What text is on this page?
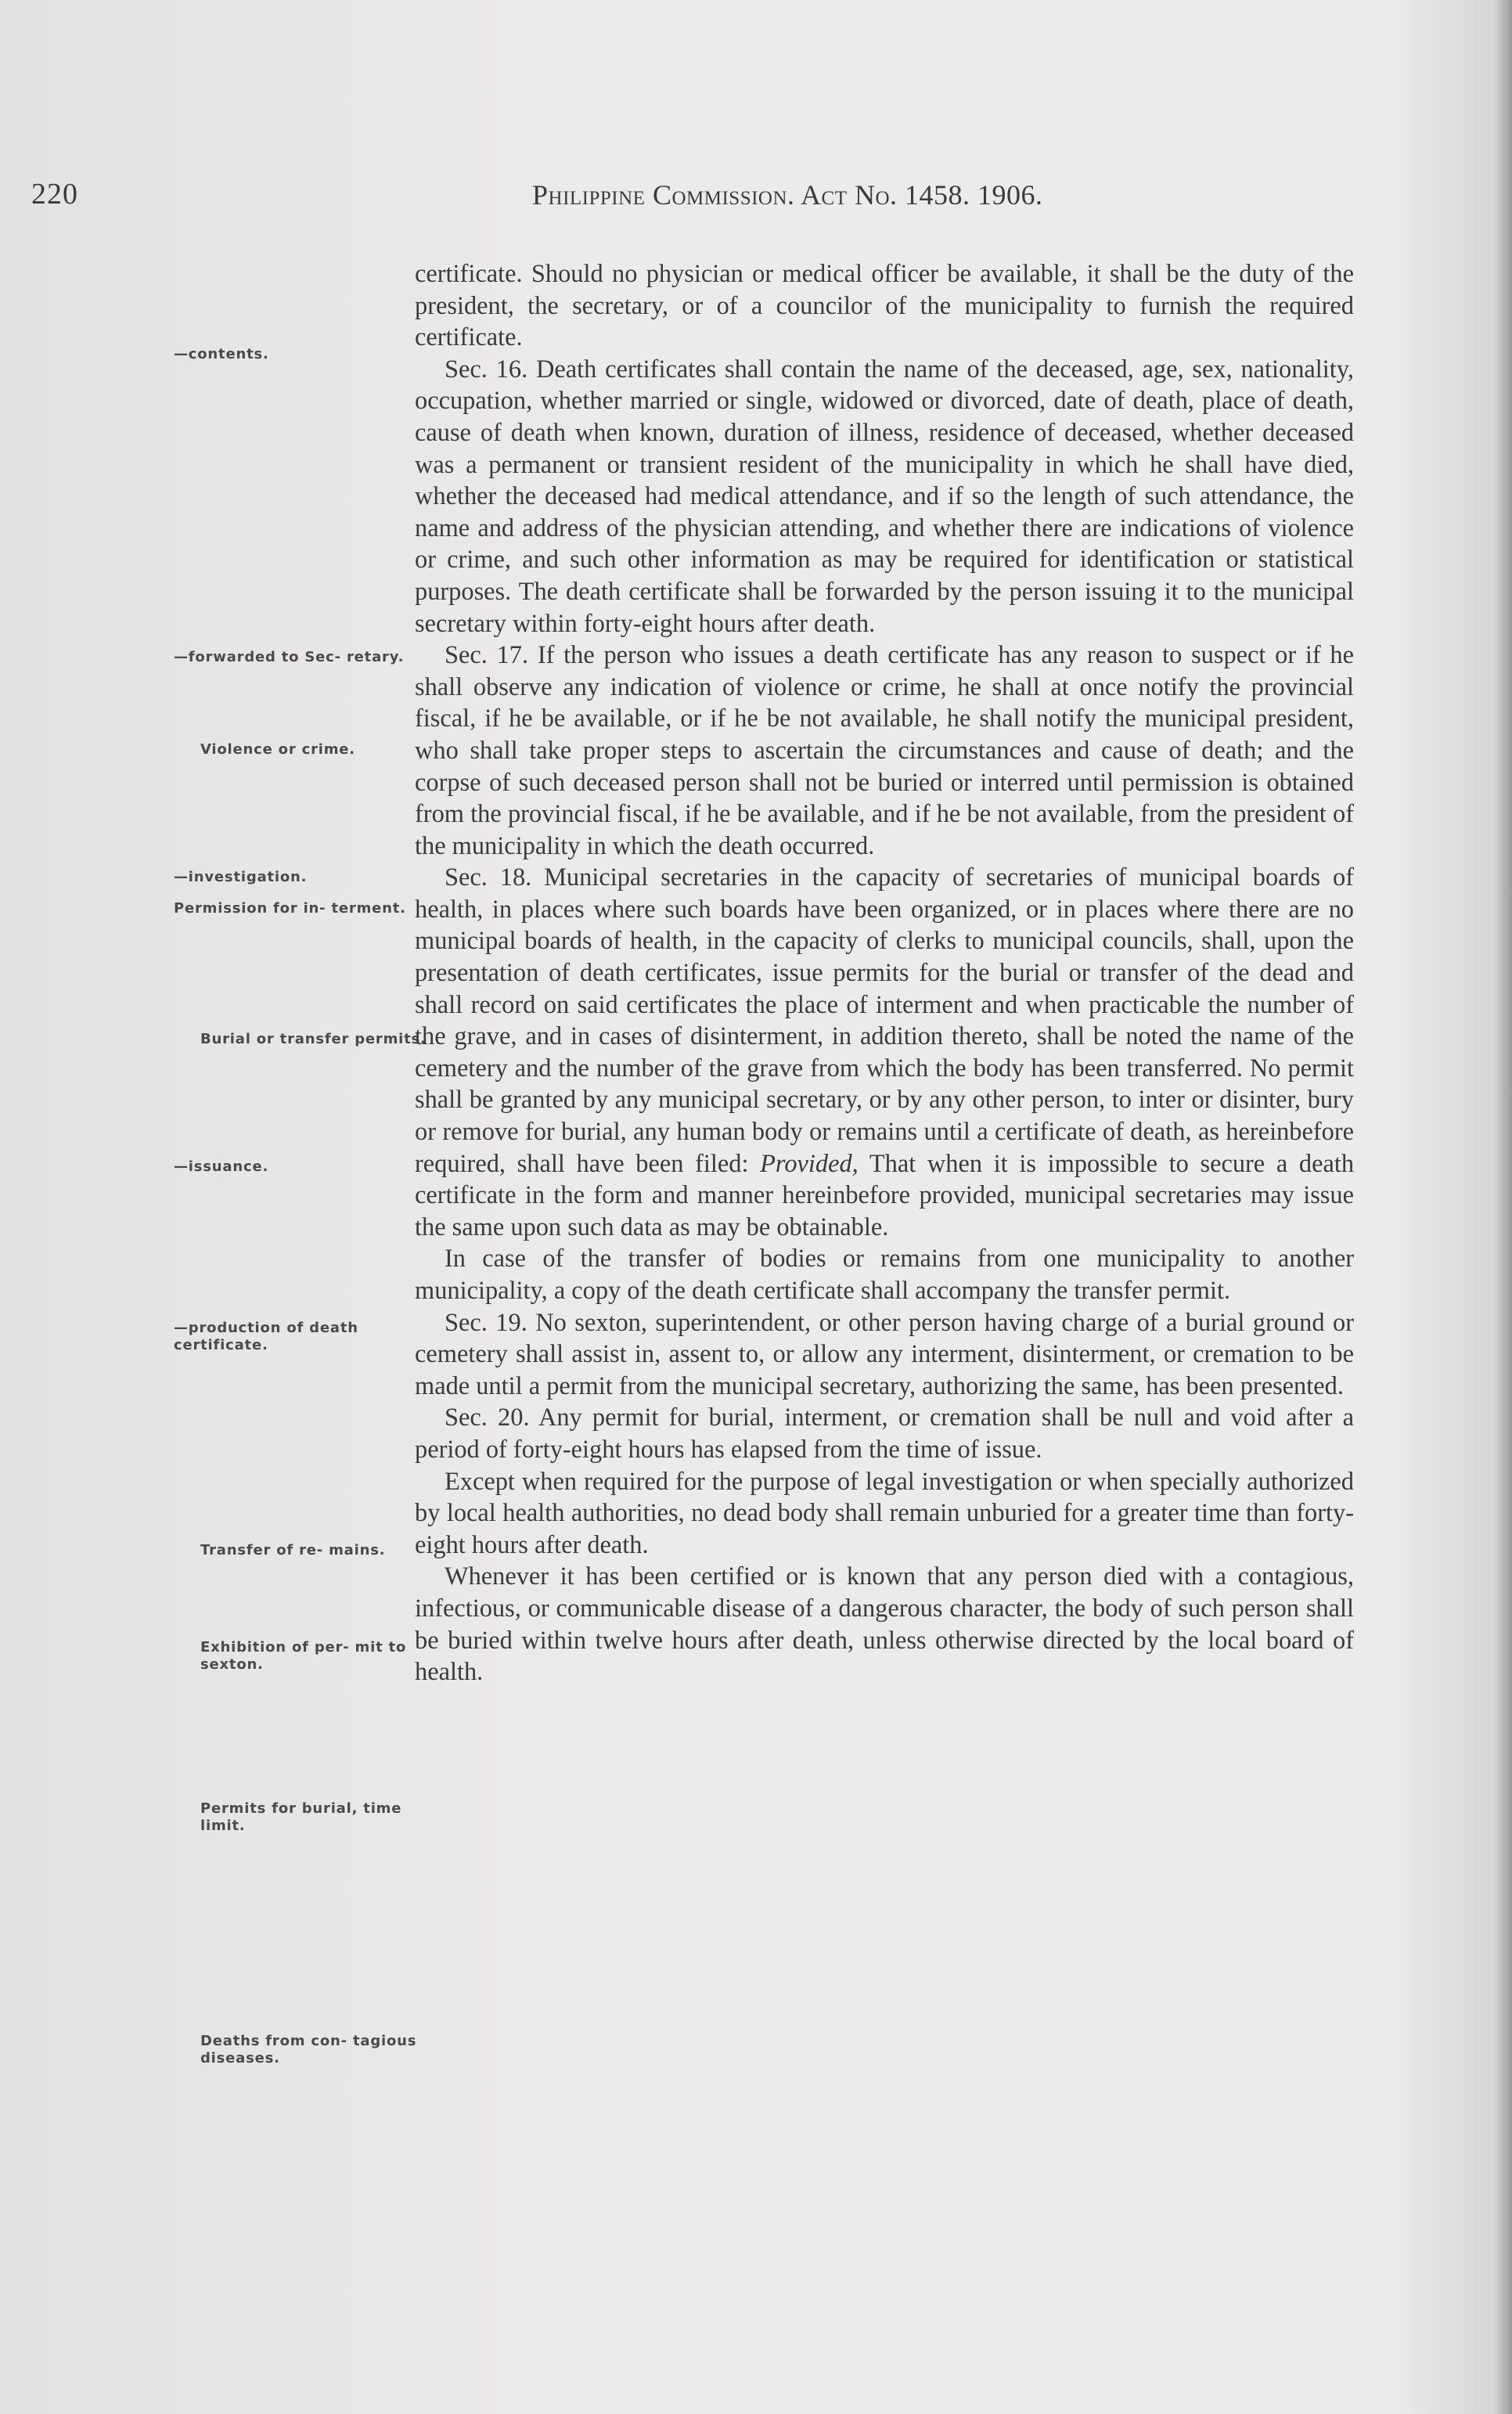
220	Philippine Commission. Act No. 1458. 1906.
—contents.
—forwarded to Sec- retary.
Violence or crime.
—investigation.
Permission for in- terment.
Burial or transfer permits.
—issuance.
—production of death certificate.
Transfer of re- mains.
Exhibition of per- mit to sexton.
Permits for burial, time limit.
Deaths from con- tagious diseases.

certificate. Should no physician or medical officer be available, it shall be the duty of the president, the secretary, or of a councilor of the municipality to furnish the required certificate.

Sec. 16. Death certificates shall contain the name of the deceased, age, sex, nationality, occupation, whether married or single, widowed or divorced, date of death, place of death, cause of death when known, duration of illness, residence of deceased, whether deceased was a permanent or transient resident of the municipality in which he shall have died, whether the deceased had medical attendance, and if so the length of such attendance, the name and address of the physician attending, and whether there are indications of violence or crime, and such other information as may be required for identification or statistical purposes. The death certificate shall be forwarded by the person issuing it to the municipal secretary within forty-eight hours after death.

Sec. 17. If the person who issues a death certificate has any reason to suspect or if he shall observe any indication of violence or crime, he shall at once notify the provincial fiscal, if he be available, or if he be not available, he shall notify the municipal president, who shall take proper steps to ascertain the circumstances and cause of death; and the corpse of such deceased person shall not be buried or interred until permission is obtained from the provincial fiscal, if he be available, and if he be not available, from the president of the municipality in which the death occurred.

Sec. 18. Municipal secretaries in the capacity of secretaries of municipal boards of health, in places where such boards have been organized, or in places where there are no municipal boards of health, in the capacity of clerks to municipal councils, shall, upon the presentation of death certificates, issue permits for the burial or transfer of the dead and shall record on said certificates the place of interment and when practicable the number of the grave, and in cases of disinterment, in addition thereto, shall be noted the name of the cemetery and the number of the grave from which the body has been transferred. No permit shall be granted by any municipal secretary, or by any other person, to inter or disinter, bury or remove for burial, any human body or remains until a certificate of death, as hereinbefore required, shall have been filed: Provided, That when it is impossible to secure a death certificate in the form and manner hereinbefore provided, municipal secretaries may issue the same upon such data as may be obtainable.

In case of the transfer of bodies or remains from one municipality to another municipality, a copy of the death certificate shall accompany the transfer permit.

Sec. 19. No sexton, superintendent, or other person having charge of a burial ground or cemetery shall assist in, assent to, or allow any interment, disinterment, or cremation to be made until a permit from the municipal secretary, authorizing the same, has been presented.

Sec. 20. Any permit for burial, interment, or cremation shall be null and void after a period of forty-eight hours has elapsed from the time of issue.

Except when required for the purpose of legal investigation or when specially authorized by local health authorities, no dead body shall remain unburied for a greater time than forty-eight hours after death.

Whenever it has been certified or is known that any person died with a contagious, infectious, or communicable disease of a dangerous character, the body of such person shall be buried within twelve hours after death, unless otherwise directed by the local board of health.
